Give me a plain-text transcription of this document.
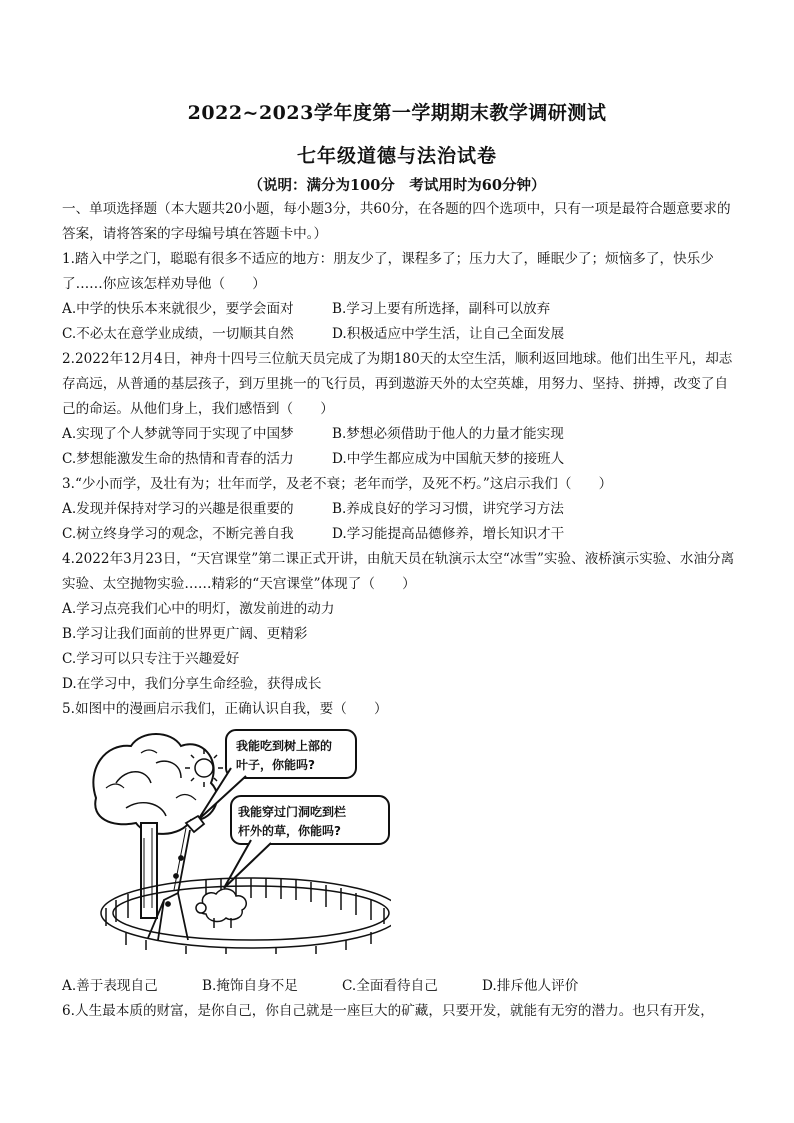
2022~2023学年度第一学期期末教学调研测试
七年级道德与法治试卷
（说明：满分为100分　考试用时为60分钟）

一、单项选择题（本大题共20小题，每小题3分，共60分，在各题的四个选项中，只有一项是最符合题意要求的答案，请将答案的字母编号填在答题卡中。）

1.踏入中学之门，聪聪有很多不适应的地方：朋友少了，课程多了；压力大了，睡眠少了；烦恼多了，快乐少了……你应该怎样劝导他（　　）

A.中学的快乐本来就很少，要学会面对	B.学习上要有所选择，副科可以放弃
C.不必太在意学业成绩，一切顺其自然	D.积极适应中学生活，让自己全面发展

2.2022年12月4日，神舟十四号三位航天员完成了为期180天的太空生活，顺利返回地球。他们出生平凡，却志存高远，从普通的基层孩子，到万里挑一的飞行员，再到遨游天外的太空英雄，用努力、坚持、拼搏，改变了自己的命运。从他们身上，我们感悟到（　　）

A.实现了个人梦就等同于实现了中国梦	B.梦想必须借助于他人的力量才能实现
C.梦想能激发生命的热情和青春的活力	D.中学生都应成为中国航天梦的接班人

3.“少小而学，及壮有为；壮年而学，及老不衰；老年而学，及死不朽。”这启示我们（　　）

A.发现并保持对学习的兴趣是很重要的	B.养成良好的学习习惯，讲究学习方法
C.树立终身学习的观念，不断完善自我	D.学习能提高品德修养，增长知识才干

4.2022年3月23日，“天宫课堂”第二课正式开讲，由航天员在轨演示太空“冰雪”实验、液桥演示实验、水油分离实验、太空抛物实验……精彩的“天宫课堂”体现了（　　）

A.学习点亮我们心中的明灯，激发前进的动力

B.学习让我们面前的世界更广阔、更精彩

C.学习可以只专注于兴趣爱好

D.在学习中，我们分享生命经验，获得成长

5.如图中的漫画启示我们，正确认识自我，要（　　）

A.善于表现自己	B.掩饰自身不足	C.全面看待自己	D.排斥他人评价

6.人生最本质的财富，是你自己，你自己就是一座巨大的矿藏，只要开发，就能有无穷的潜力。也只有开发，

我能吃到树上部的
叶子，你能吗?
我能穿过门洞吃到栏
杆外的草，你能吗?
